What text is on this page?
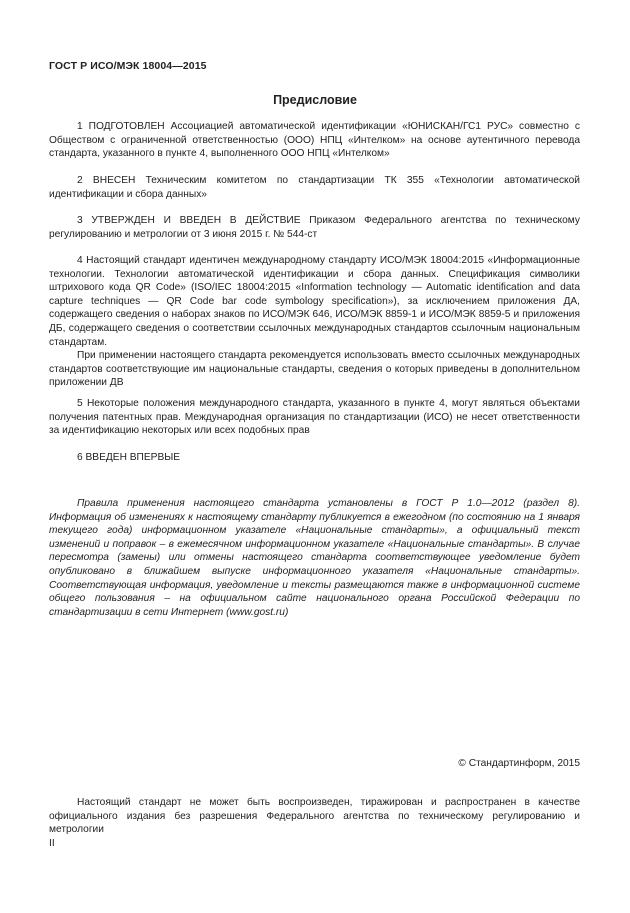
ГОСТ Р ИСО/МЭК 18004—2015
Предисловие

1 ПОДГОТОВЛЕН Ассоциацией автоматической идентификации «ЮНИСКАН/ГС1 РУС» совместно с Обществом с ограниченной ответственностью (ООО) НПЦ «Интелком» на основе аутентичного перевода стандарта, указанного в пункте 4, выполненного ООО НПЦ «Интелком»

2 ВНЕСЕН Техническим комитетом по стандартизации ТК 355 «Технологии автоматической идентификации и сбора данных»

3 УТВЕРЖДЕН И ВВЕДЕН В ДЕЙСТВИЕ Приказом Федерального агентства по техническому регулированию и метрологии от 3 июня 2015 г. № 544-ст

4 Настоящий стандарт идентичен международному стандарту ИСО/МЭК 18004:2015 «Информационные технологии. Технологии автоматической идентификации и сбора данных. Спецификация символики штрихового кода QR Code» (ISO/IEC 18004:2015 «Information technology — Automatic identification and data capture techniques — QR Code bar code symbology specification»), за исключением приложения ДА, содержащего сведения о наборах знаков по ИСО/МЭК 646, ИСО/МЭК 8859-1 и ИСО/МЭК 8859-5 и приложения ДБ, содержащего сведения о соответствии ссылочных международных стандартов ссылочным национальным стандартам.

При применении настоящего стандарта рекомендуется использовать вместо ссылочных международных стандартов соответствующие им национальные стандарты, сведения о которых приведены в дополнительном приложении ДВ

5 Некоторые положения международного стандарта, указанного в пункте 4, могут являться объектами получения патентных прав. Международная организация по стандартизации (ИСО) не несет ответственности за идентификацию некоторых или всех подобных прав

6 ВВЕДЕН ВПЕРВЫЕ

Правила применения настоящего стандарта установлены в ГОСТ Р 1.0—2012 (раздел 8). Информация об изменениях к настоящему стандарту публикуется в ежегодном (по состоянию на 1 января текущего года) информационном указателе «Национальные стандарты», а официальный текст изменений и поправок – в ежемесячном информационном указателе «Национальные стандарты». В случае пересмотра (замены) или отмены настоящего стандарта соответствующее уведомление будет опубликовано в ближайшем выпуске информационного указателя «Национальные стандарты». Соответствующая информация, уведомление и тексты размещаются также в информационной системе общего пользования – на официальном сайте национального органа Российской Федерации по стандартизации в сети Интернет (www.gost.ru)

© Стандартинформ, 2015

Настоящий стандарт не может быть воспроизведен, тиражирован и распространен в качестве официального издания без разрешения Федерального агентства по техническому регулированию и метрологии

II
